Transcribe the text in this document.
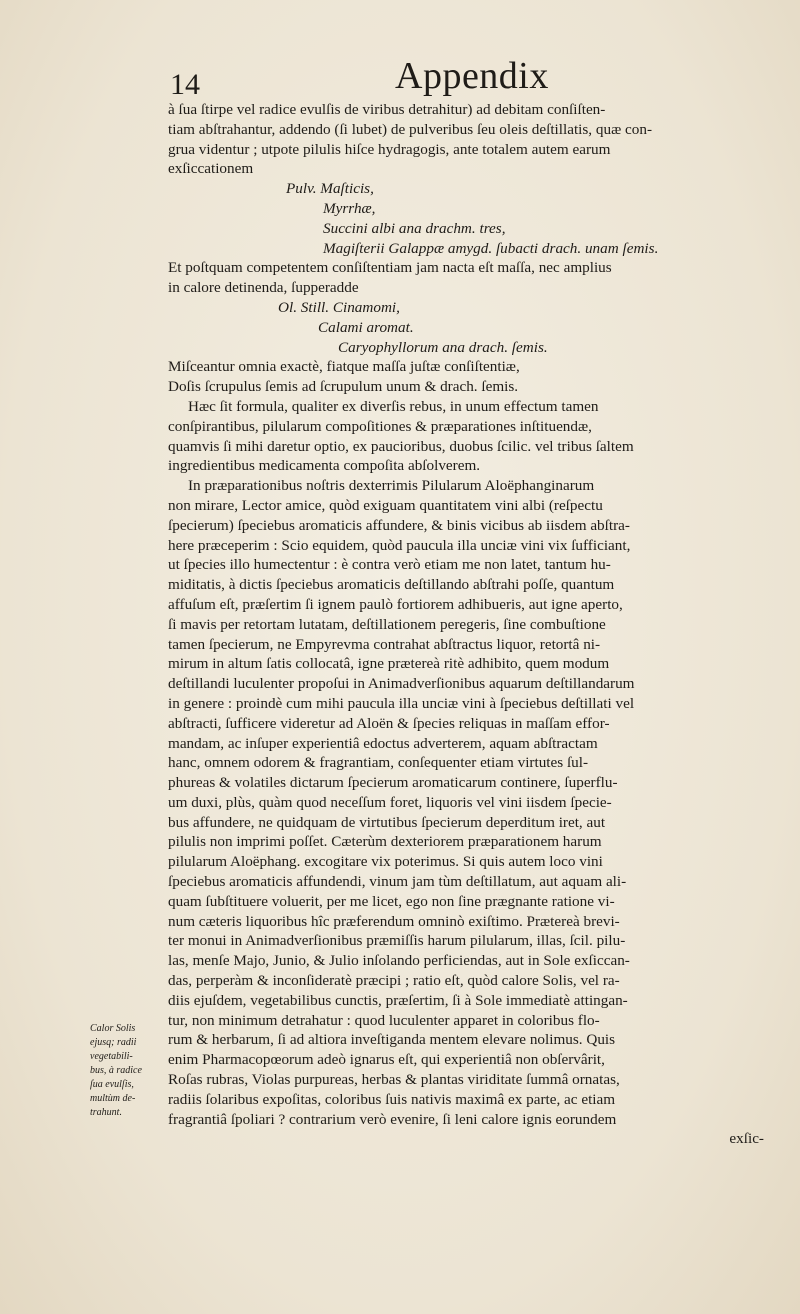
14	Appendix
à ſua ſtirpe vel radice evulſis de viribus detrahitur) ad debitam conſiſten-
tiam abſtrahantur, addendo (ſi lubet) de pulveribus ſeu oleis deſtillatis, quæ con-
grua videntur ; utpote pilulis hiſce hydragogis, ante totalem autem earum
exſiccationem
Pulv. Maſticis,
Myrrhæ,
Succini albi ana drachm. tres,
Magiſterii Galappæ amygd. ſubacti drach. unam ſemis.
Et poſtquam competentem conſiſtentiam jam nacta eſt maſſa, nec amplius
in calore detinenda, ſupperadde
Ol. Still. Cinamomi,
Calami aromat.
Caryophyllorum ana drach. ſemis.
Miſceantur omnia exactè, fiatque maſſa juſtæ conſiſtentiæ,
Doſis ſcrupulus ſemis ad ſcrupulum unum & drach. ſemis.
Hæc ſit formula, qualiter ex diverſis rebus, in unum effectum tamen
conſpirantibus, pilularum compoſitiones & præparationes inſtituendæ,
quamvis ſi mihi daretur optio, ex paucioribus, duobus ſcilic. vel tribus ſaltem
ingredientibus medicamenta compoſita abſolverem.
In præparationibus noſtris dexterrimis Pilularum Aloëphanginarum
non mirare, Lector amice, quòd exiguam quantitatem vini albi (reſpectu
ſpecierum) ſpeciebus aromaticis affundere, & binis vicibus ab iisdem abſtra-
here præceperim : Scio equidem, quòd paucula illa unciæ vini vix ſufficiant,
ut ſpecies illo humectentur : è contra verò etiam me non latet, tantum hu-
miditatis, à dictis ſpeciebus aromaticis deſtillando abſtrahi poſſe, quantum
affuſum eſt, præſertim ſi ignem paulò fortiorem adhibueris, aut igne aperto,
ſi mavis per retortam lutatam, deſtillationem peregeris, ſine combuſtione
tamen ſpecierum, ne Empyrevma contrahat abſtractus liquor, retortâ ni-
mirum in altum ſatis collocatâ, igne prætereà ritè adhibito, quem modum
deſtillandi luculenter propoſui in Animadverſionibus aquarum deſtillandarum
in genere : proindè cum mihi paucula illa unciæ vini à ſpeciebus deſtillati vel
abſtracti, ſufficere videretur ad Aloën & ſpecies reliquas in maſſam effor-
mandam, ac inſuper experientiâ edoctus adverterem, aquam abſtractam
hanc, omnem odorem & fragrantiam, conſequenter etiam virtutes ſul-
phureas & volatiles dictarum ſpecierum aromaticarum continere, ſuperflu-
um duxi, plùs, quàm quod neceſſum foret, liquoris vel vini iisdem ſpecie-
bus affundere, ne quidquam de virtutibus ſpecierum deperditum iret, aut
pilulis non imprimi poſſet. Cæterùm dexteriorem præparationem harum
pilularum Aloëphang. excogitare vix poterimus. Si quis autem loco vini
ſpeciebus aromaticis affundendi, vinum jam tùm deſtillatum, aut aquam ali-
quam ſubſtituere voluerit, per me licet, ego non ſine prægnante ratione vi-
num cæteris liquoribus hîc præferendum omninò exiſtimo. Prætereà brevi-
ter monui in Animadverſionibus præmiſſis harum pilularum, illas, ſcil. pilu-
las, menſe Majo, Junio, & Julio inſolando perficiendas, aut in Sole exſiccan-
das, perperàm & inconſideratè præcipi ; ratio eſt, quòd calore Solis, vel ra-
diis ejuſdem, vegetabilibus cunctis, præſertim, ſi à Sole immediatè attingan-
tur, non minimum detrahatur : quod luculenter apparet in coloribus flo-
rum & herbarum, ſi ad altiora inveſtiganda mentem elevare nolimus. Quis
enim Pharmacopœorum adeò ignarus eſt, qui experientiâ non obſervârit,
Roſas rubras, Violas purpureas, herbas & plantas viriditate ſummâ ornatas,
radiis ſolaribus expoſitas, coloribus ſuis nativis maximâ ex parte, ac etiam
fragrantiâ ſpoliari ? contrarium verò evenire, ſi leni calore ignis eorundem
exſic-
Calor Solis
ejusq; radii
vegetabili-
bus, à radice
ſua evulſis,
multùm de-
trahunt.
